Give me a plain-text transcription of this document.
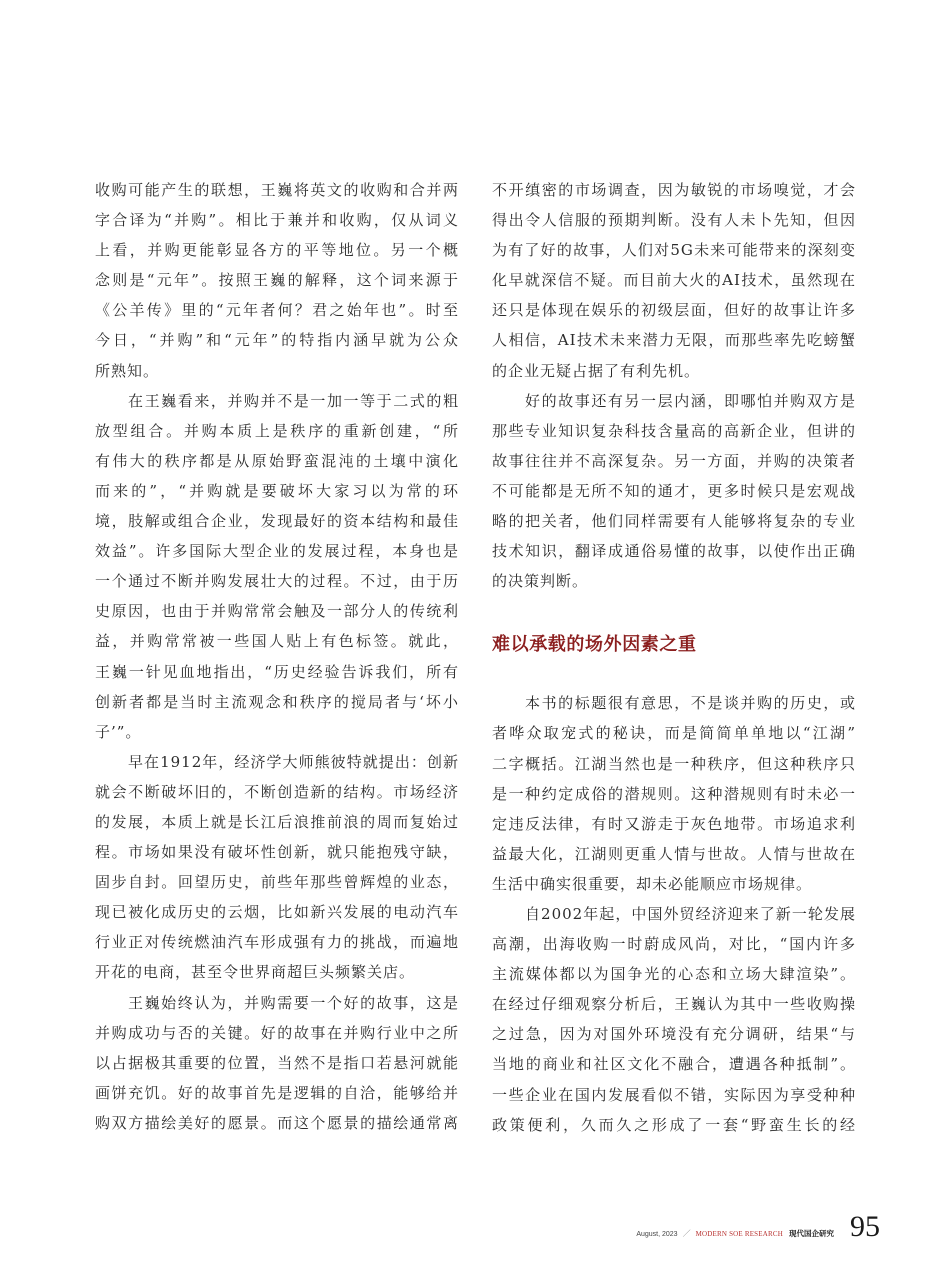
收购可能产生的联想，王巍将英文的收购和合并两
字合译为“并购”。相比于兼并和收购，仅从词义
上看，并购更能彰显各方的平等地位。另一个概
念则是“元年”。按照王巍的解释，这个词来源于
《公羊传》里的“元年者何？君之始年也”。时至
今日，“并购”和“元年”的特指内涵早就为公众
所熟知。
在王巍看来，并购并不是一加一等于二式的粗
放型组合。并购本质上是秩序的重新创建，“所
有伟大的秩序都是从原始野蛮混沌的土壤中演化
而来的”，“并购就是要破坏大家习以为常的环
境，肢解或组合企业，发现最好的资本结构和最佳
效益”。许多国际大型企业的发展过程，本身也是
一个通过不断并购发展壮大的过程。不过，由于历
史原因，也由于并购常常会触及一部分人的传统利
益，并购常常被一些国人贴上有色标签。就此，
王巍一针见血地指出，“历史经验告诉我们，所有
创新者都是当时主流观念和秩序的搅局者与‘坏小
子’”。
早在1912年，经济学大师熊彼特就提出：创新
就会不断破坏旧的，不断创造新的结构。市场经济
的发展，本质上就是长江后浪推前浪的周而复始过
程。市场如果没有破坏性创新，就只能抱残守缺，
固步自封。回望历史，前些年那些曾辉煌的业态，
现已被化成历史的云烟，比如新兴发展的电动汽车
行业正对传统燃油汽车形成强有力的挑战，而遍地
开花的电商，甚至令世界商超巨头频繁关店。
王巍始终认为，并购需要一个好的故事，这是
并购成功与否的关键。好的故事在并购行业中之所
以占据极其重要的位置，当然不是指口若悬河就能
画饼充饥。好的故事首先是逻辑的自洽，能够给并
购双方描绘美好的愿景。而这个愿景的描绘通常离
不开缜密的市场调查，因为敏锐的市场嗅觉，才会
得出令人信服的预期判断。没有人未卜先知，但因
为有了好的故事，人们对5G未来可能带来的深刻变
化早就深信不疑。而目前大火的AI技术，虽然现在
还只是体现在娱乐的初级层面，但好的故事让许多
人相信，AI技术未来潜力无限，而那些率先吃螃蟹
的企业无疑占据了有利先机。
好的故事还有另一层内涵，即哪怕并购双方是
那些专业知识复杂科技含量高的高新企业，但讲的
故事往往并不高深复杂。另一方面，并购的决策者
不可能都是无所不知的通才，更多时候只是宏观战
略的把关者，他们同样需要有人能够将复杂的专业
技术知识，翻译成通俗易懂的故事，以使作出正确
的决策判断。
难以承载的场外因素之重
本书的标题很有意思，不是谈并购的历史，或
者哗众取宠式的秘诀，而是简简单单地以“江湖”
二字概括。江湖当然也是一种秩序，但这种秩序只
是一种约定成俗的潜规则。这种潜规则有时未必一
定违反法律，有时又游走于灰色地带。市场追求利
益最大化，江湖则更重人情与世故。人情与世故在
生活中确实很重要，却未必能顺应市场规律。
自2002年起，中国外贸经济迎来了新一轮发展
高潮，出海收购一时蔚成风尚，对比，“国内许多
主流媒体都以为国争光的心态和立场大肆渲染”。
在经过仔细观察分析后，王巍认为其中一些收购操
之过急，因为对国外环境没有充分调研，结果“与
当地的商业和社区文化不融合，遭遇各种抵制”。
一些企业在国内发展看似不错，实际因为享受种种
政策便利，久而久之形成了一套“野蛮生长的经
August, 2023 ／ MODERN SOE RESEARCH 现代国企研究 95
